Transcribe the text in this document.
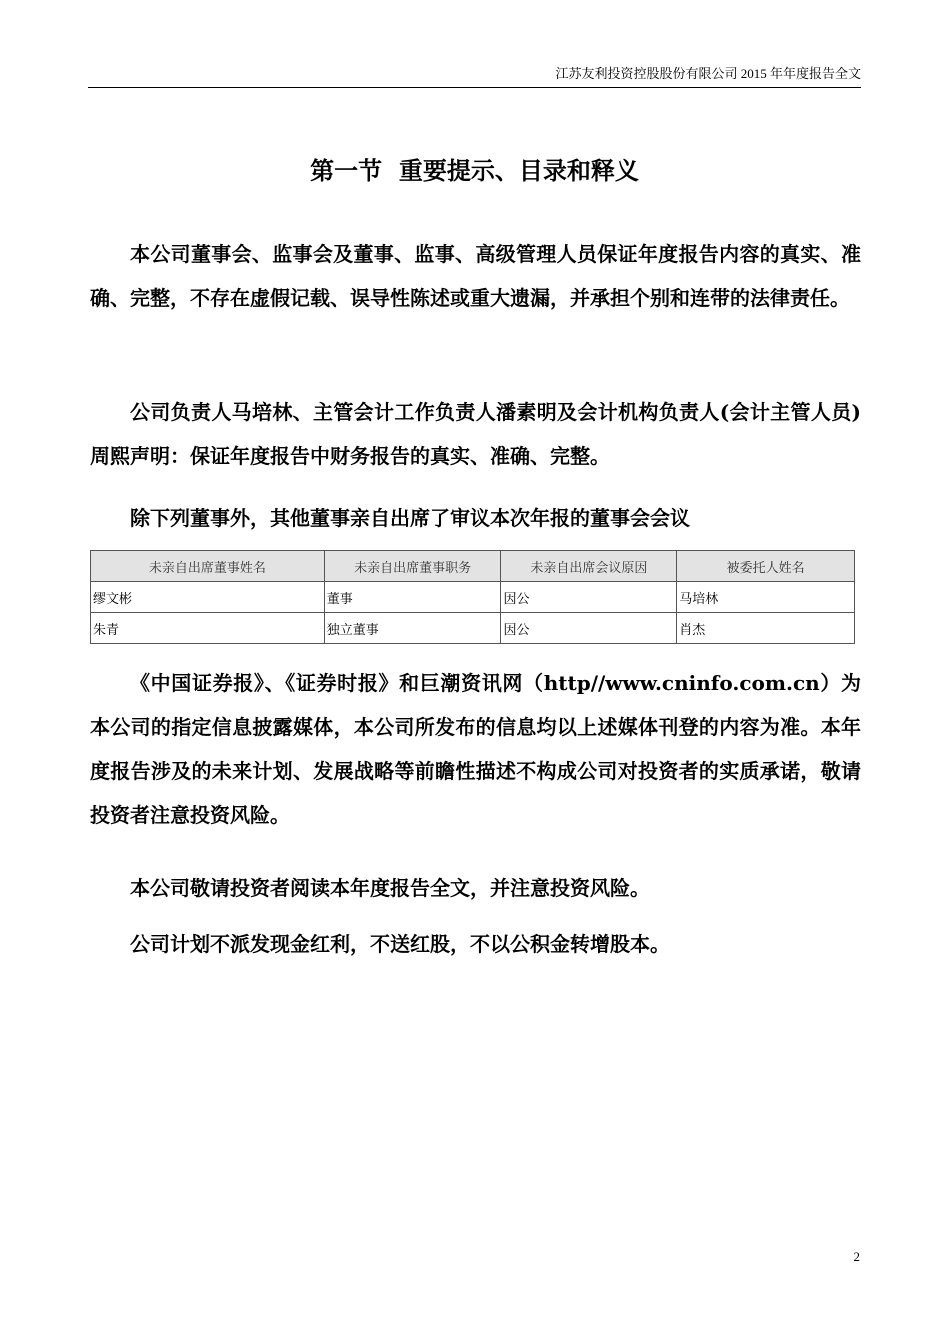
江苏友利投资控股股份有限公司 2015 年年度报告全文
第一节  重要提示、目录和释义

本公司董事会、监事会及董事、监事、高级管理人员保证年度报告内容的真实、准确、完整，不存在虚假记载、误导性陈述或重大遗漏，并承担个别和连带的法律责任。

公司负责人马培林、主管会计工作负责人潘素明及会计机构负责人(会计主管人员)周熙声明：保证年度报告中财务报告的真实、准确、完整。

除下列董事外，其他董事亲自出席了审议本次年报的董事会会议

未亲自出席董事姓名	未亲自出席董事职务	未亲自出席会议原因	被委托人姓名
缪文彬	董事	因公	马培林
朱青	独立董事	因公	肖杰

《中国证券报》、《证券时报》和巨潮资讯网（http//www.cninfo.com.cn）为本公司的指定信息披露媒体，本公司所发布的信息均以上述媒体刊登的内容为准。本年度报告涉及的未来计划、发展战略等前瞻性描述不构成公司对投资者的实质承诺，敬请投资者注意投资风险。

本公司敬请投资者阅读本年度报告全文，并注意投资风险。

公司计划不派发现金红利，不送红股，不以公积金转增股本。

2
